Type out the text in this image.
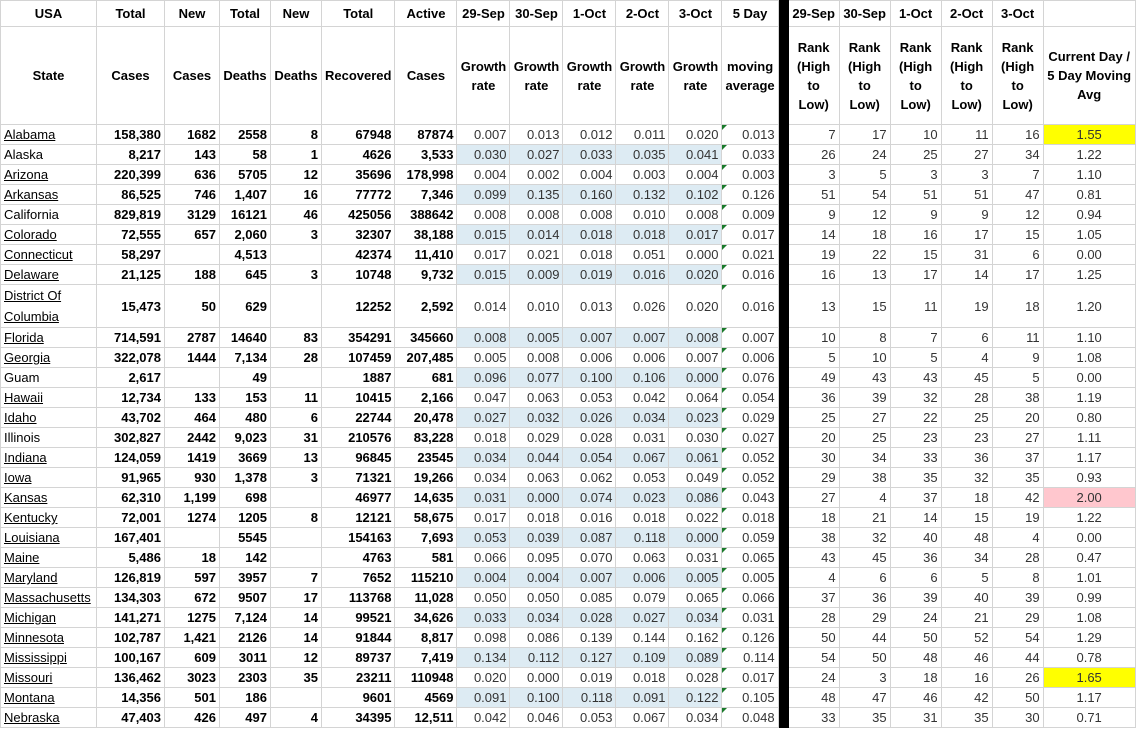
USA	Total	New	Total	New	Total	Active	29-Sep	30-Sep	1-Oct	2-Oct	3-Oct	5 Day		29-Sep	30-Sep	1-Oct	2-Oct	3-Oct	
State	Cases	Cases	Deaths	Deaths	Recovered	Cases	Growth rate	Growth rate	Growth rate	Growth rate	Growth rate	moving average		Rank (High to Low)	Rank (High to Low)	Rank (High to Low)	Rank (High to Low)	Rank (High to Low)	Current Day / 5 Day Moving Avg
Alabama	158,380	1682	2558	8	67948	87874	0.007	0.013	0.012	0.011	0.020	0.013		7	17	10	11	16	1.55
Alaska	8,217	143	58	1	4626	3,533	0.030	0.027	0.033	0.035	0.041	0.033		26	24	25	27	34	1.22
Arizona	220,399	636	5705	12	35696	178,998	0.004	0.002	0.004	0.003	0.004	0.003		3	5	3	3	7	1.10
Arkansas	86,525	746	1,407	16	77772	7,346	0.099	0.135	0.160	0.132	0.102	0.126		51	54	51	51	47	0.81
California	829,819	3129	16121	46	425056	388642	0.008	0.008	0.008	0.010	0.008	0.009		9	12	9	9	12	0.94
Colorado	72,555	657	2,060	3	32307	38,188	0.015	0.014	0.018	0.018	0.017	0.017		14	18	16	17	15	1.05
Connecticut	58,297		4,513		42374	11,410	0.017	0.021	0.018	0.051	0.000	0.021		19	22	15	31	6	0.00
Delaware	21,125	188	645	3	10748	9,732	0.015	0.009	0.019	0.016	0.020	0.016		16	13	17	14	17	1.25
District Of Columbia	15,473	50	629		12252	2,592	0.014	0.010	0.013	0.026	0.020	0.016		13	15	11	19	18	1.20
Florida	714,591	2787	14640	83	354291	345660	0.008	0.005	0.007	0.007	0.008	0.007		10	8	7	6	11	1.10
Georgia	322,078	1444	7,134	28	107459	207,485	0.005	0.008	0.006	0.006	0.007	0.006		5	10	5	4	9	1.08
Guam	2,617		49		1887	681	0.096	0.077	0.100	0.106	0.000	0.076		49	43	43	45	5	0.00
Hawaii	12,734	133	153	11	10415	2,166	0.047	0.063	0.053	0.042	0.064	0.054		36	39	32	28	38	1.19
Idaho	43,702	464	480	6	22744	20,478	0.027	0.032	0.026	0.034	0.023	0.029		25	27	22	25	20	0.80
Illinois	302,827	2442	9,023	31	210576	83,228	0.018	0.029	0.028	0.031	0.030	0.027		20	25	23	23	27	1.11
Indiana	124,059	1419	3669	13	96845	23545	0.034	0.044	0.054	0.067	0.061	0.052		30	34	33	36	37	1.17
Iowa	91,965	930	1,378	3	71321	19,266	0.034	0.063	0.062	0.053	0.049	0.052		29	38	35	32	35	0.93
Kansas	62,310	1,199	698		46977	14,635	0.031	0.000	0.074	0.023	0.086	0.043		27	4	37	18	42	2.00
Kentucky	72,001	1274	1205	8	12121	58,675	0.017	0.018	0.016	0.018	0.022	0.018		18	21	14	15	19	1.22
Louisiana	167,401		5545		154163	7,693	0.053	0.039	0.087	0.118	0.000	0.059		38	32	40	48	4	0.00
Maine	5,486	18	142		4763	581	0.066	0.095	0.070	0.063	0.031	0.065		43	45	36	34	28	0.47
Maryland	126,819	597	3957	7	7652	115210	0.004	0.004	0.007	0.006	0.005	0.005		4	6	6	5	8	1.01
Massachusetts	134,303	672	9507	17	113768	11,028	0.050	0.050	0.085	0.079	0.065	0.066		37	36	39	40	39	0.99
Michigan	141,271	1275	7,124	14	99521	34,626	0.033	0.034	0.028	0.027	0.034	0.031		28	29	24	21	29	1.08
Minnesota	102,787	1,421	2126	14	91844	8,817	0.098	0.086	0.139	0.144	0.162	0.126		50	44	50	52	54	1.29
Mississippi	100,167	609	3011	12	89737	7,419	0.134	0.112	0.127	0.109	0.089	0.114		54	50	48	46	44	0.78
Missouri	136,462	3023	2303	35	23211	110948	0.020	0.000	0.019	0.018	0.028	0.017		24	3	18	16	26	1.65
Montana	14,356	501	186		9601	4569	0.091	0.100	0.118	0.091	0.122	0.105		48	47	46	42	50	1.17
Nebraska	47,403	426	497	4	34395	12,511	0.042	0.046	0.053	0.067	0.034	0.048		33	35	31	35	30	0.71
